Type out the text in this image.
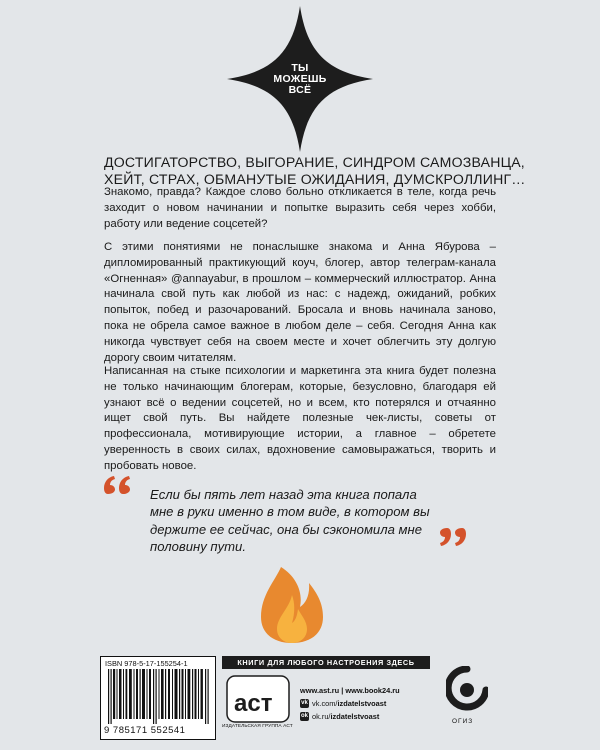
ТЫ
МОЖЕШЬ
ВСЁ
ДОСТИГАТОРСТВО, ВЫГОРАНИЕ, СИНДРОМ САМОЗВАНЦА,
ХЕЙТ, СТРАХ, ОБМАНУТЫЕ ОЖИДАНИЯ, ДУМСКРОЛЛИНГ…
Знакомо, правда? Каждое слово больно откликается в теле, когда речь заходит о новом начинании и попытке выразить себя через хобби, работу или ведение соцсетей?
С этими понятиями не понаслышке знакома и Анна Ябурова – дипломированный практикующий коуч, блогер, автор телеграм-канала «Огненная» @annayabur, в прошлом – коммерческий иллюстратор. Анна начинала свой путь как любой из нас: с надежд, ожиданий, робких попыток, побед и разочарований. Бросала и вновь начинала заново, пока не обрела самое важное в любом деле – себя. Сегодня Анна как никогда чувствует себя на своем месте и хочет облегчить эту долгую дорогу своим читателям.
Написанная на стыке психологии и маркетинга эта книга будет полезна не только начинающим блогерам, которые, безусловно, благодаря ей узнают всё о ведении соцсетей, но и всем, кто потерялся и отчаянно ищет свой путь. Вы найдете полезные чек-листы, советы от профессионала, мотивирующие истории, а главное – обретете уверенность в своих силах, вдохновение самовыражаться, творить и пробовать новое.
Если бы пять лет назад эта книга попала
мне в руки именно в том виде, в котором вы
держите ее сейчас, она бы сэкономила мне
половину пути.
ISBN 978-5-17-155254-1
9 785171 552541
КНИГИ ДЛЯ ЛЮБОГО НАСТРОЕНИЯ ЗДЕСЬ
аст
ИЗДАТЕЛЬСКАЯ ГРУППА АСТ
www.ast.ru | www.book24.ru
vk vk.com/ izdatelstvoast
ok ok.ru/ izdatelstvoast
ОГИЗ
